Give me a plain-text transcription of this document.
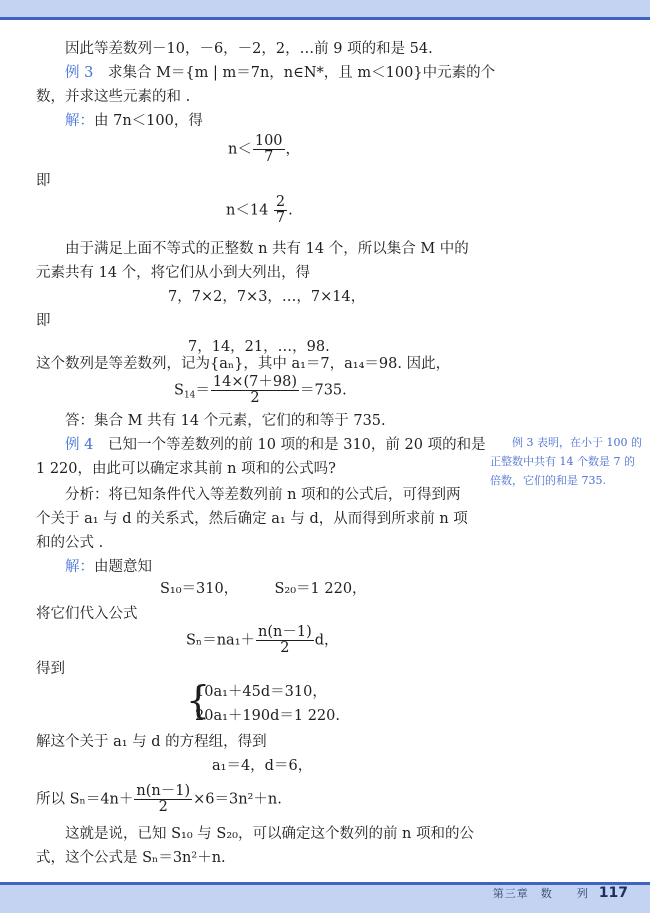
因此等差数列－10，－6，－2，2，…前 9 项的和是 54.
例 3 求集合 M＝{m | m＝7n，n∈N*，且 m＜100}中元素的个
数，并求这些元素的和 .
解：由 7n＜100，得
$n< \frac{100}{7}$ ，
即
$n<14 \frac{2}{7}$ .
由于满足上面不等式的正整数 n 共有 14 个，所以集合 M 中的
元素共有 14 个，将它们从小到大列出，得
7，7×2，7×3，…，7×14，
即
7，14，21，…，98.
这个数列是等差数列，记为{aₙ}，其中 a₁＝7，a₁₄＝98. 因此，
$S_{14}= \frac{14\times(7+98)}{2} =735$.
答：集合 M 共有 14 个元素，它们的和等于 735.
例 4 已知一个等差数列的前 10 项的和是 310，前 20 项的和是
1 220，由此可以确定求其前 n 项和的公式吗?
分析：将已知条件代入等差数列前 n 项和的公式后，可得到两
个关于 a₁ 与 d 的关系式，然后确定 a₁ 与 d，从而得到所求前 n 项
和的公式 .
解：由题意知
S₁₀＝310，　　　S₂₀＝1 220，
将它们代入公式
$S_n=na_1+ \frac{n(n-1)}{2}$ d，
得到
{
10a₁＋45d＝310，
20a₁＋190d＝1 220.
解这个关于 a₁ 与 d 的方程组，得到
a₁＝4，d＝6，
所以 $S_n=4n+ \frac{n(n-1)}{2} \times 6=3n^2+n$.
这就是说，已知 S₁₀ 与 S₂₀，可以确定这个数列的前 n 项和的公
式，这个公式是 Sₙ＝3n²＋n.
例 3 表明，在小于 100 的
正整数中共有 14 个数是 7 的
倍数，它们的和是 735.
第三章　数　　列 117
